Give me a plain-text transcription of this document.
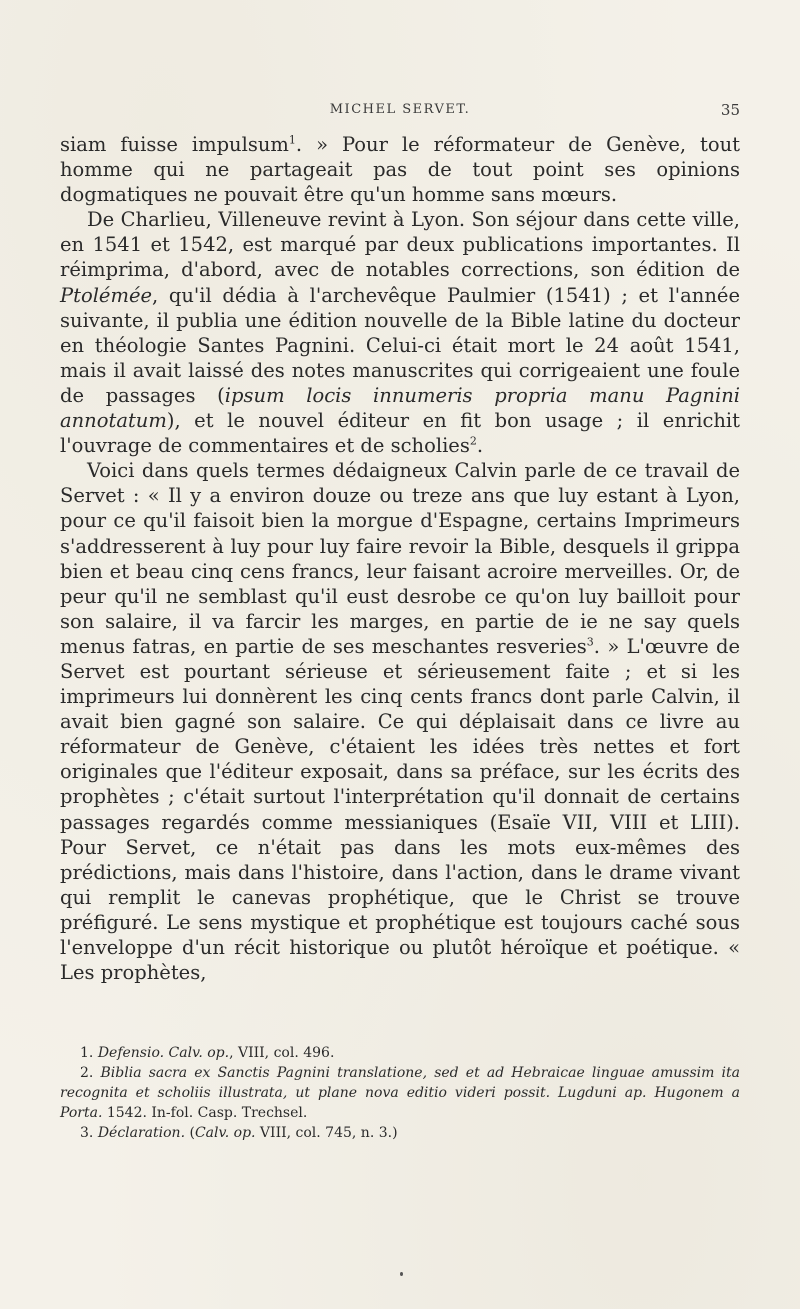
MICHEL SERVET.	35

siam fuisse impulsum$^1$. » Pour le réformateur de Genève, tout homme qui ne partageait pas de tout point ses opinions dogmatiques ne pouvait être qu'un homme sans mœurs.

De Charlieu, Villeneuve revint à Lyon. Son séjour dans cette ville, en 1541 et 1542, est marqué par deux publications importantes. Il réimprima, d'abord, avec de notables corrections, son édition de Ptolémée, qu'il dédia à l'archevêque Paulmier (1541) ; et l'année suivante, il publia une édition nouvelle de la Bible latine du docteur en théologie Santes Pagnini. Celui-ci était mort le 24 août 1541, mais il avait laissé des notes manuscrites qui corrigeaient une foule de passages (ipsum locis innumeris propria manu Pagnini annotatum), et le nouvel éditeur en fit bon usage ; il enrichit l'ouvrage de commentaires et de scholies$^2$.

Voici dans quels termes dédaigneux Calvin parle de ce travail de Servet : « Il y a environ douze ou treze ans que luy estant à Lyon, pour ce qu'il faisoit bien la morgue d'Espagne, certains Imprimeurs s'addresserent à luy pour luy faire revoir la Bible, desquels il grippa bien et beau cinq cens francs, leur faisant acroire merveilles. Or, de peur qu'il ne semblast qu'il eust desrobe ce qu'on luy bailloit pour son salaire, il va farcir les marges, en partie de ie ne say quels menus fatras, en partie de ses meschantes resveries$^3$. » L'œuvre de Servet est pourtant sérieuse et sérieusement faite ; et si les imprimeurs lui donnèrent les cinq cents francs dont parle Calvin, il avait bien gagné son salaire. Ce qui déplaisait dans ce livre au réformateur de Genève, c'étaient les idées très nettes et fort originales que l'éditeur exposait, dans sa préface, sur les écrits des prophètes ; c'était surtout l'interprétation qu'il donnait de certains passages regardés comme messianiques (Esaïe VII, VIII et LIII). Pour Servet, ce n'était pas dans les mots eux-mêmes des prédictions, mais dans l'histoire, dans l'action, dans le drame vivant qui remplit le canevas prophétique, que le Christ se trouve préfiguré. Le sens mystique et prophétique est toujours caché sous l'enveloppe d'un récit historique ou plutôt héroïque et poétique. « Les prophètes,

1. Defensio. Calv. op., VIII, col. 496.

2. Biblia sacra ex Sanctis Pagnini translatione, sed et ad Hebraicae linguae amussim ita recognita et scholiis illustrata, ut plane nova editio videri possit. Lugduni ap. Hugonem a Porta. 1542. In-fol. Casp. Trechsel.

3. Déclaration. (Calv. op. VIII, col. 745, n. 3.)
